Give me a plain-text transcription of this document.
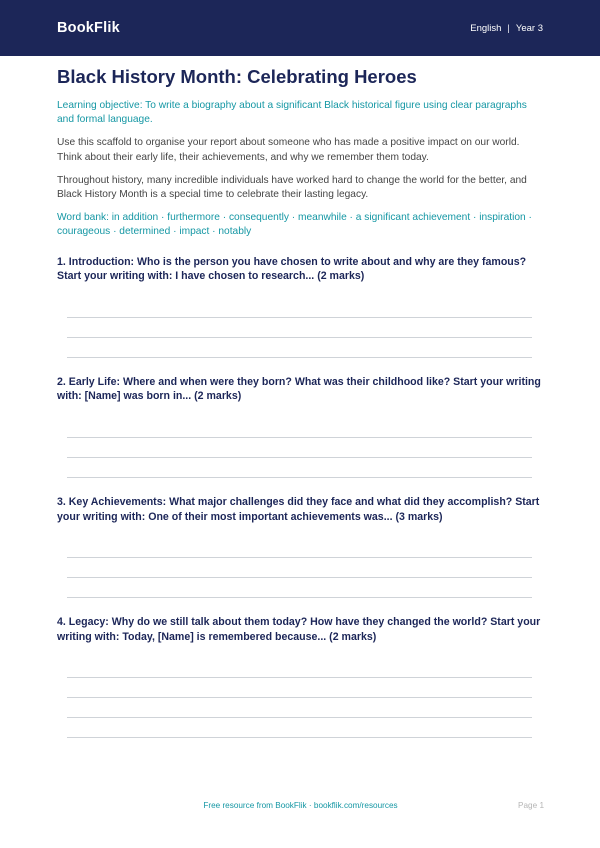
BookFlik	English | Year 3
Black History Month: Celebrating Heroes

Learning objective: To write a biography about a significant Black historical figure using clear paragraphs and formal language.

Use this scaffold to organise your report about someone who has made a positive impact on our world. Think about their early life, their achievements, and why we remember them today.

Throughout history, many incredible individuals have worked hard to change the world for the better, and Black History Month is a special time to celebrate their lasting legacy.

Word bank: in addition · furthermore · consequently · meanwhile · a significant achievement · inspiration · courageous · determined · impact · notably

1. Introduction: Who is the person you have chosen to write about and why are they famous? Start your writing with: I have chosen to research... (2 marks)

2. Early Life: Where and when were they born? What was their childhood like? Start your writing with: [Name] was born in... (2 marks)

3. Key Achievements: What major challenges did they face and what did they accomplish? Start your writing with: One of their most important achievements was... (3 marks)

4. Legacy: Why do we still talk about them today? How have they changed the world? Start your writing with: Today, [Name] is remembered because... (2 marks)

Free resource from BookFlik · bookflik.com/resources	Page 1
